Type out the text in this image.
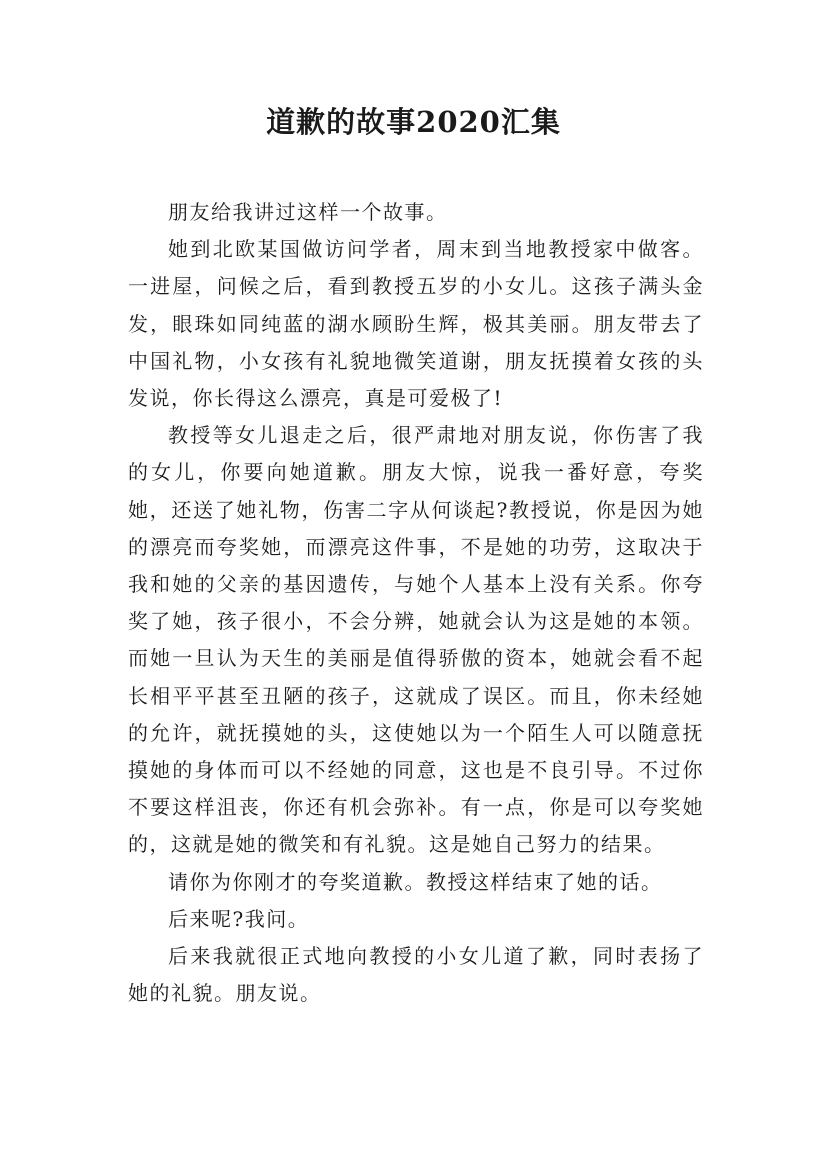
道歉的故事2020汇集

朋友给我讲过这样一个故事。

她到北欧某国做访问学者，周末到当地教授家中做客。一进屋，问候之后，看到教授五岁的小女儿。这孩子满头金发，眼珠如同纯蓝的湖水顾盼生辉，极其美丽。朋友带去了中国礼物，小女孩有礼貌地微笑道谢，朋友抚摸着女孩的头发说，你长得这么漂亮，真是可爱极了!

教授等女儿退走之后，很严肃地对朋友说，你伤害了我的女儿，你要向她道歉。朋友大惊，说我一番好意，夸奖她，还送了她礼物，伤害二字从何谈起?教授说，你是因为她的漂亮而夸奖她，而漂亮这件事，不是她的功劳，这取决于我和她的父亲的基因遗传，与她个人基本上没有关系。你夸奖了她，孩子很小，不会分辨，她就会认为这是她的本领。而她一旦认为天生的美丽是值得骄傲的资本，她就会看不起长相平平甚至丑陋的孩子，这就成了误区。而且，你未经她的允许，就抚摸她的头，这使她以为一个陌生人可以随意抚摸她的身体而可以不经她的同意，这也是不良引导。不过你不要这样沮丧，你还有机会弥补。有一点，你是可以夸奖她的，这就是她的微笑和有礼貌。这是她自己努力的结果。

请你为你刚才的夸奖道歉。教授这样结束了她的话。

后来呢?我问。

后来我就很正式地向教授的小女儿道了歉，同时表扬了她的礼貌。朋友说。
